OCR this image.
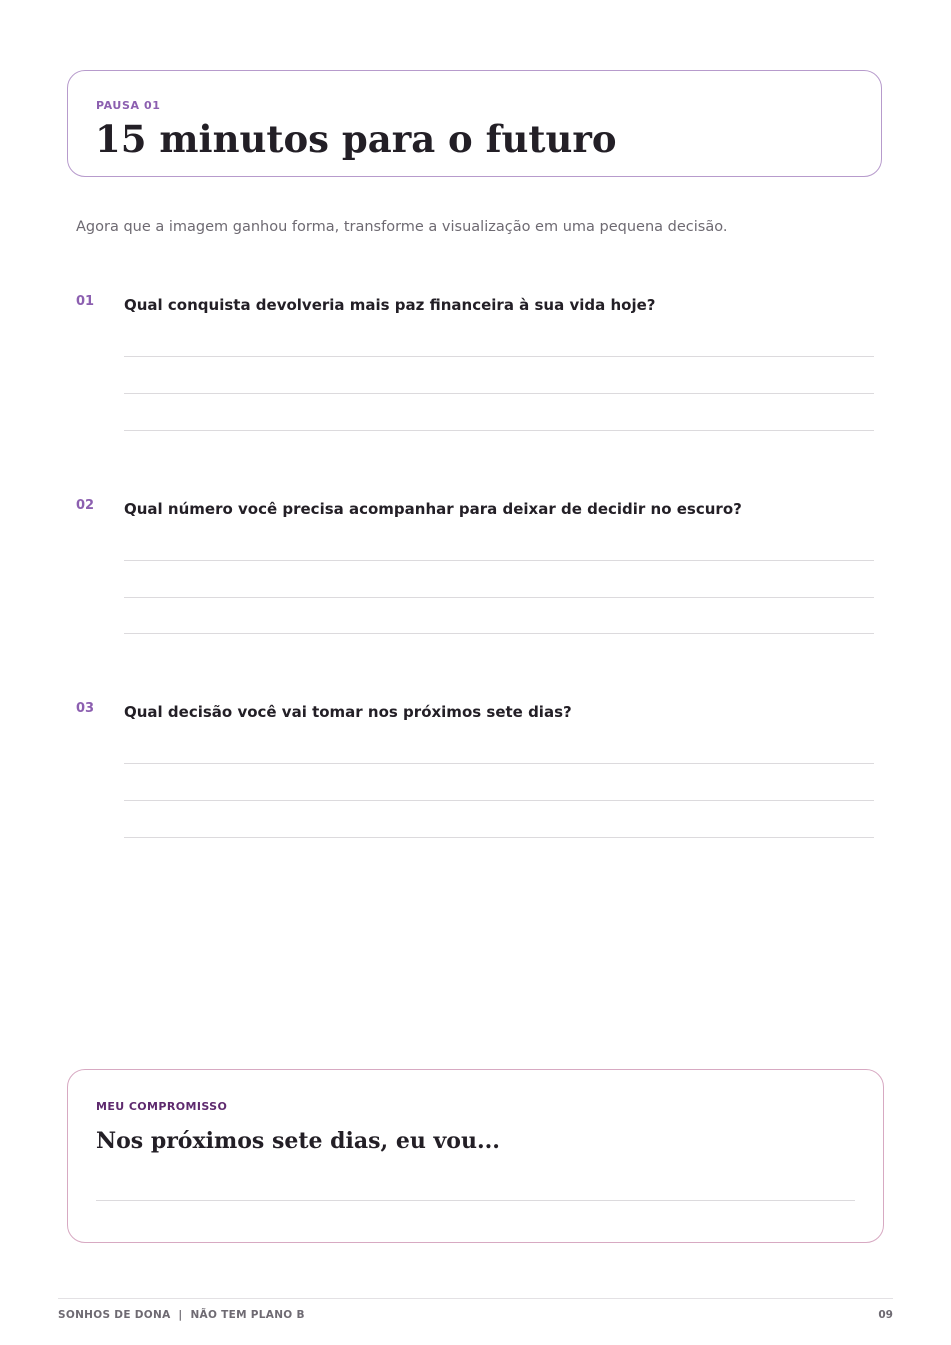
PAUSA 01
15 minutos para o futuro
Agora que a imagem ganhou forma, transforme a visualização em uma pequena decisão.
01 Qual conquista devolveria mais paz financeira à sua vida hoje?
02 Qual número você precisa acompanhar para deixar de decidir no escuro?
03 Qual decisão você vai tomar nos próximos sete dias?
MEU COMPROMISSO
Nos próximos sete dias, eu vou...
SONHOS DE DONA  |  NÃO TEM PLANO B	09
